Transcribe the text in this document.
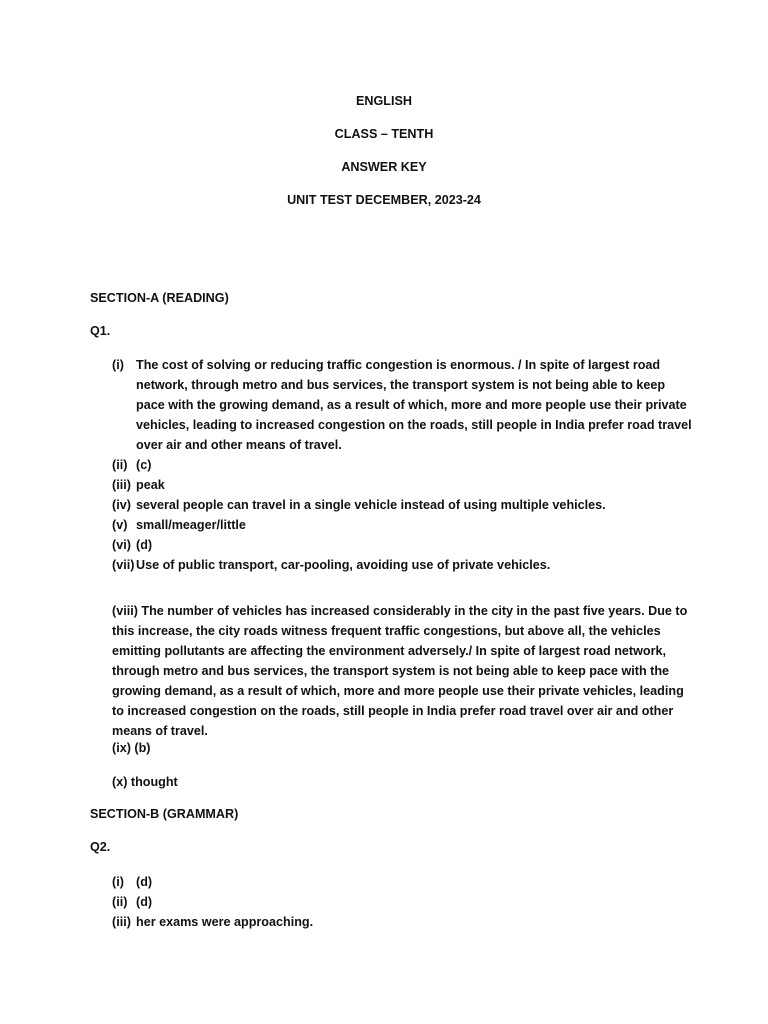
ENGLISH

CLASS – TENTH

ANSWER KEY

UNIT TEST DECEMBER, 2023-24

SECTION-A (READING)

Q1.

(i) The cost of solving or reducing traffic congestion is enormous. / In spite of largest road network, through metro and bus services, the transport system is not being able to keep pace with the growing demand, as a result of which, more and more people use their private vehicles, leading to increased congestion on the roads, still people in India prefer road travel over air and other means of travel.
(ii) (c)
(iii) peak
(iv) several people can travel in a single vehicle instead of using multiple vehicles.
(v) small/meager/little
(vi) (d)
(vii) Use of public transport, car-pooling, avoiding use of private vehicles.

(viii) The number of vehicles has increased considerably in the city in the past five years. Due to this increase, the city roads witness frequent traffic congestions, but above all, the vehicles emitting pollutants are affecting the environment adversely./ In spite of largest road network, through metro and bus services, the transport system is not being able to keep pace with the growing demand, as a result of which, more and more people use their private vehicles, leading to increased congestion on the roads, still people in India prefer road travel over air and other means of travel.

(ix) (b)

(x) thought

SECTION-B (GRAMMAR)

Q2.

(i) (d)
(ii) (d)
(iii) her exams were approaching.
